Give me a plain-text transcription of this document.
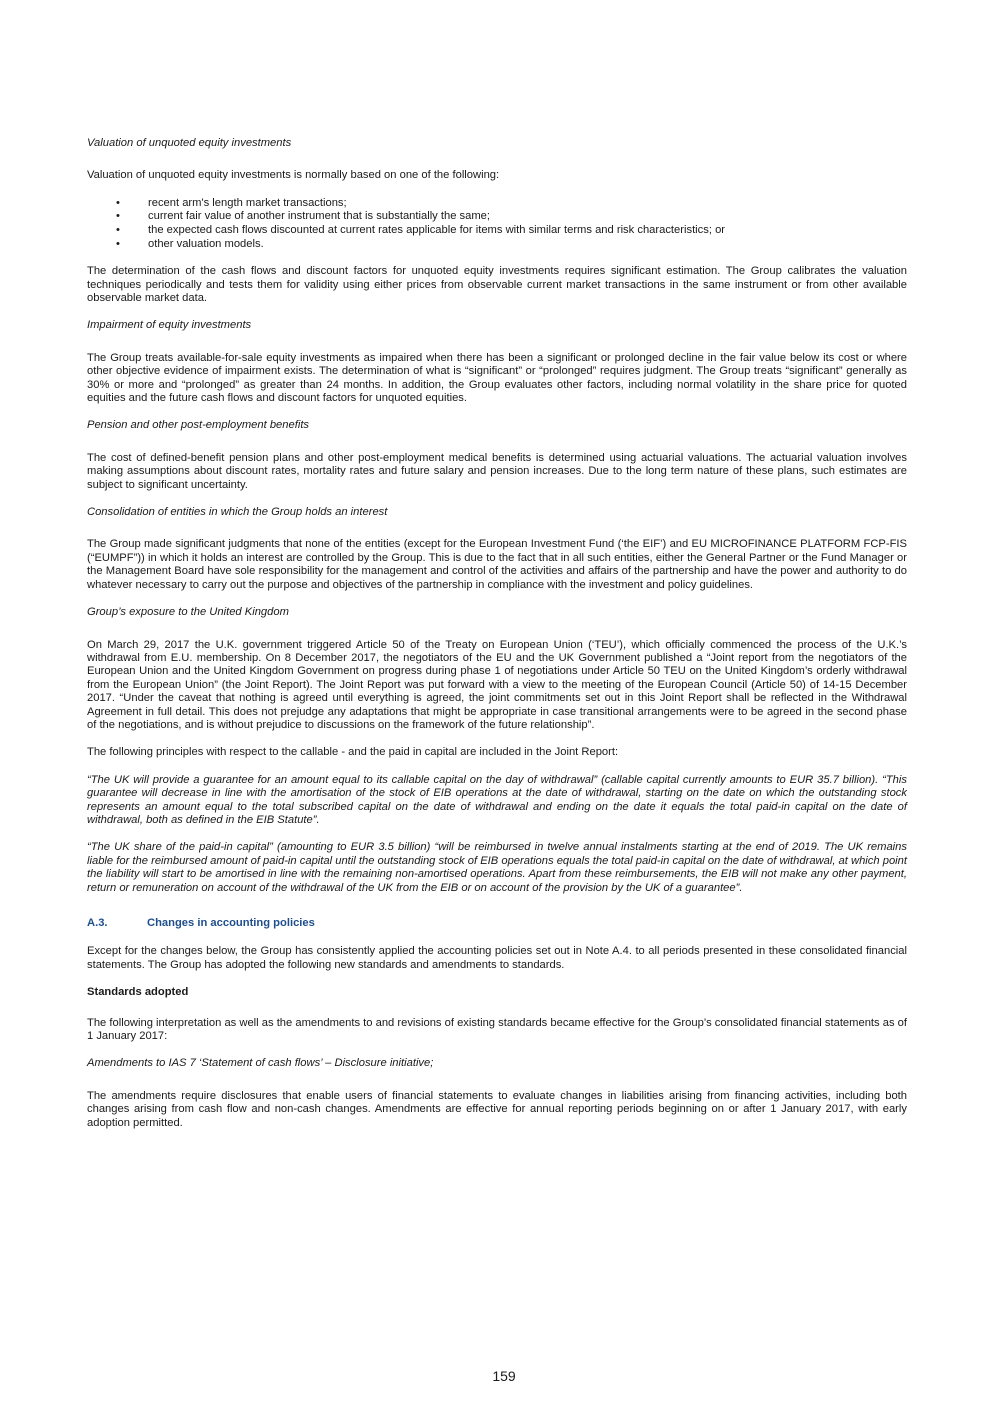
Valuation of unquoted equity investments

Valuation of unquoted equity investments is normally based on one of the following:

•	recent arm's length market transactions;
•	current fair value of another instrument that is substantially the same;
•	the expected cash flows discounted at current rates applicable for items with similar terms and risk characteristics; or
•	other valuation models.

The determination of the cash flows and discount factors for unquoted equity investments requires significant estimation. The Group calibrates the valuation techniques periodically and tests them for validity using either prices from observable current market transactions in the same instrument or from other available observable market data.

Impairment of equity investments

The Group treats available-for-sale equity investments as impaired when there has been a significant or prolonged decline in the fair value below its cost or where other objective evidence of impairment exists. The determination of what is “significant” or “prolonged” requires judgment. The Group treats “significant” generally as 30% or more and “prolonged” as greater than 24 months. In addition, the Group evaluates other factors, including normal volatility in the share price for quoted equities and the future cash flows and discount factors for unquoted equities.

Pension and other post-employment benefits

The cost of defined-benefit pension plans and other post-employment medical benefits is determined using actuarial valuations. The actuarial valuation involves making assumptions about discount rates, mortality rates and future salary and pension increases. Due to the long term nature of these plans, such estimates are subject to significant uncertainty.

Consolidation of entities in which the Group holds an interest

The Group made significant judgments that none of the entities (except for the European Investment Fund (‘the EIF’) and EU MICROFINANCE PLATFORM FCP-FIS (“EUMPF”)) in which it holds an interest are controlled by the Group. This is due to the fact that in all such entities, either the General Partner or the Fund Manager or the Management Board have sole responsibility for the management and control of the activities and affairs of the partnership and have the power and authority to do whatever necessary to carry out the purpose and objectives of the partnership in compliance with the investment and policy guidelines.

Group’s exposure to the United Kingdom

On March 29, 2017 the U.K. government triggered Article 50 of the Treaty on European Union (‘TEU’), which officially commenced the process of the U.K.’s withdrawal from E.U. membership. On 8 December 2017, the negotiators of the EU and the UK Government published a “Joint report from the negotiators of the European Union and the United Kingdom Government on progress during phase 1 of negotiations under Article 50 TEU on the United Kingdom’s orderly withdrawal from the European Union” (the Joint Report). The Joint Report was put forward with a view to the meeting of the European Council (Article 50) of 14-15 December 2017. “Under the caveat that nothing is agreed until everything is agreed, the joint commitments set out in this Joint Report shall be reflected in the Withdrawal Agreement in full detail. This does not prejudge any adaptations that might be appropriate in case transitional arrangements were to be agreed in the second phase of the negotiations, and is without prejudice to discussions on the framework of the future relationship”.

The following principles with respect to the callable - and the paid in capital are included in the Joint Report:

“The UK will provide a guarantee for an amount equal to its callable capital on the day of withdrawal” (callable capital currently amounts to EUR 35.7 billion). “This guarantee will decrease in line with the amortisation of the stock of EIB operations at the date of withdrawal, starting on the date on which the outstanding stock represents an amount equal to the total subscribed capital on the date of withdrawal and ending on the date it equals the total paid-in capital on the date of withdrawal, both as defined in the EIB Statute”.

“The UK share of the paid-in capital” (amounting to EUR 3.5 billion) “will be reimbursed in twelve annual instalments starting at the end of 2019. The UK remains liable for the reimbursed amount of paid-in capital until the outstanding stock of EIB operations equals the total paid-in capital on the date of withdrawal, at which point the liability will start to be amortised in line with the remaining non-amortised operations. Apart from these reimbursements, the EIB will not make any other payment, return or remuneration on account of the withdrawal of the UK from the EIB or on account of the provision by the UK of a guarantee”.

A.3.	Changes in accounting policies

Except for the changes below, the Group has consistently applied the accounting policies set out in Note A.4. to all periods presented in these consolidated financial statements. The Group has adopted the following new standards and amendments to standards.

Standards adopted

The following interpretation as well as the amendments to and revisions of existing standards became effective for the Group’s consolidated financial statements as of 1 January 2017:

Amendments to IAS 7 ‘Statement of cash flows’ – Disclosure initiative;

The amendments require disclosures that enable users of financial statements to evaluate changes in liabilities arising from financing activities, including both changes arising from cash flow and non-cash changes. Amendments are effective for annual reporting periods beginning on or after 1 January 2017, with early adoption permitted.

159
